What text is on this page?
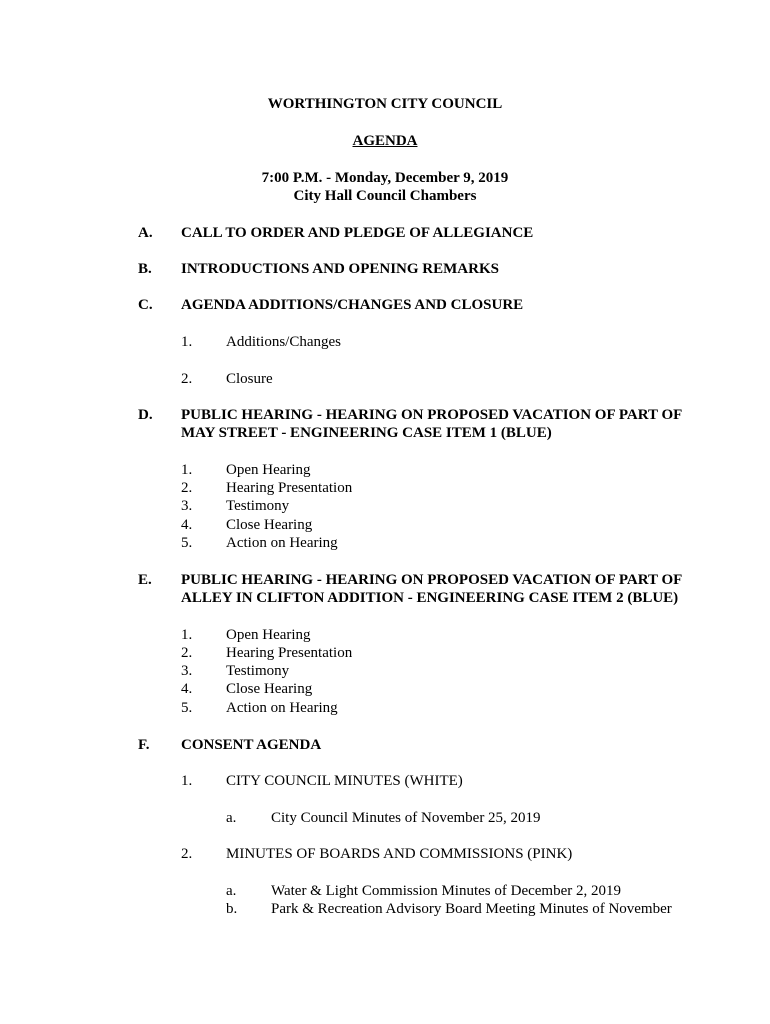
WORTHINGTON CITY COUNCIL
AGENDA
7:00 P.M. - Monday, December 9, 2019
City Hall Council Chambers
A. CALL TO ORDER AND PLEDGE OF ALLEGIANCE
B. INTRODUCTIONS AND OPENING REMARKS
C. AGENDA ADDITIONS/CHANGES AND CLOSURE
1. Additions/Changes
2. Closure
D. PUBLIC HEARING - HEARING ON PROPOSED VACATION OF PART OF
MAY STREET - ENGINEERING CASE ITEM 1 (BLUE)
1. Open Hearing
2. Hearing Presentation
3. Testimony
4. Close Hearing
5. Action on Hearing
E. PUBLIC HEARING - HEARING ON PROPOSED VACATION OF PART OF
ALLEY IN CLIFTON ADDITION - ENGINEERING CASE ITEM 2 (BLUE)
1. Open Hearing
2. Hearing Presentation
3. Testimony
4. Close Hearing
5. Action on Hearing
F. CONSENT AGENDA
1. CITY COUNCIL MINUTES (WHITE)
a. City Council Minutes of November 25, 2019
2. MINUTES OF BOARDS AND COMMISSIONS (PINK)
a. Water & Light Commission Minutes of December 2, 2019
b. Park & Recreation Advisory Board Meeting Minutes of November
